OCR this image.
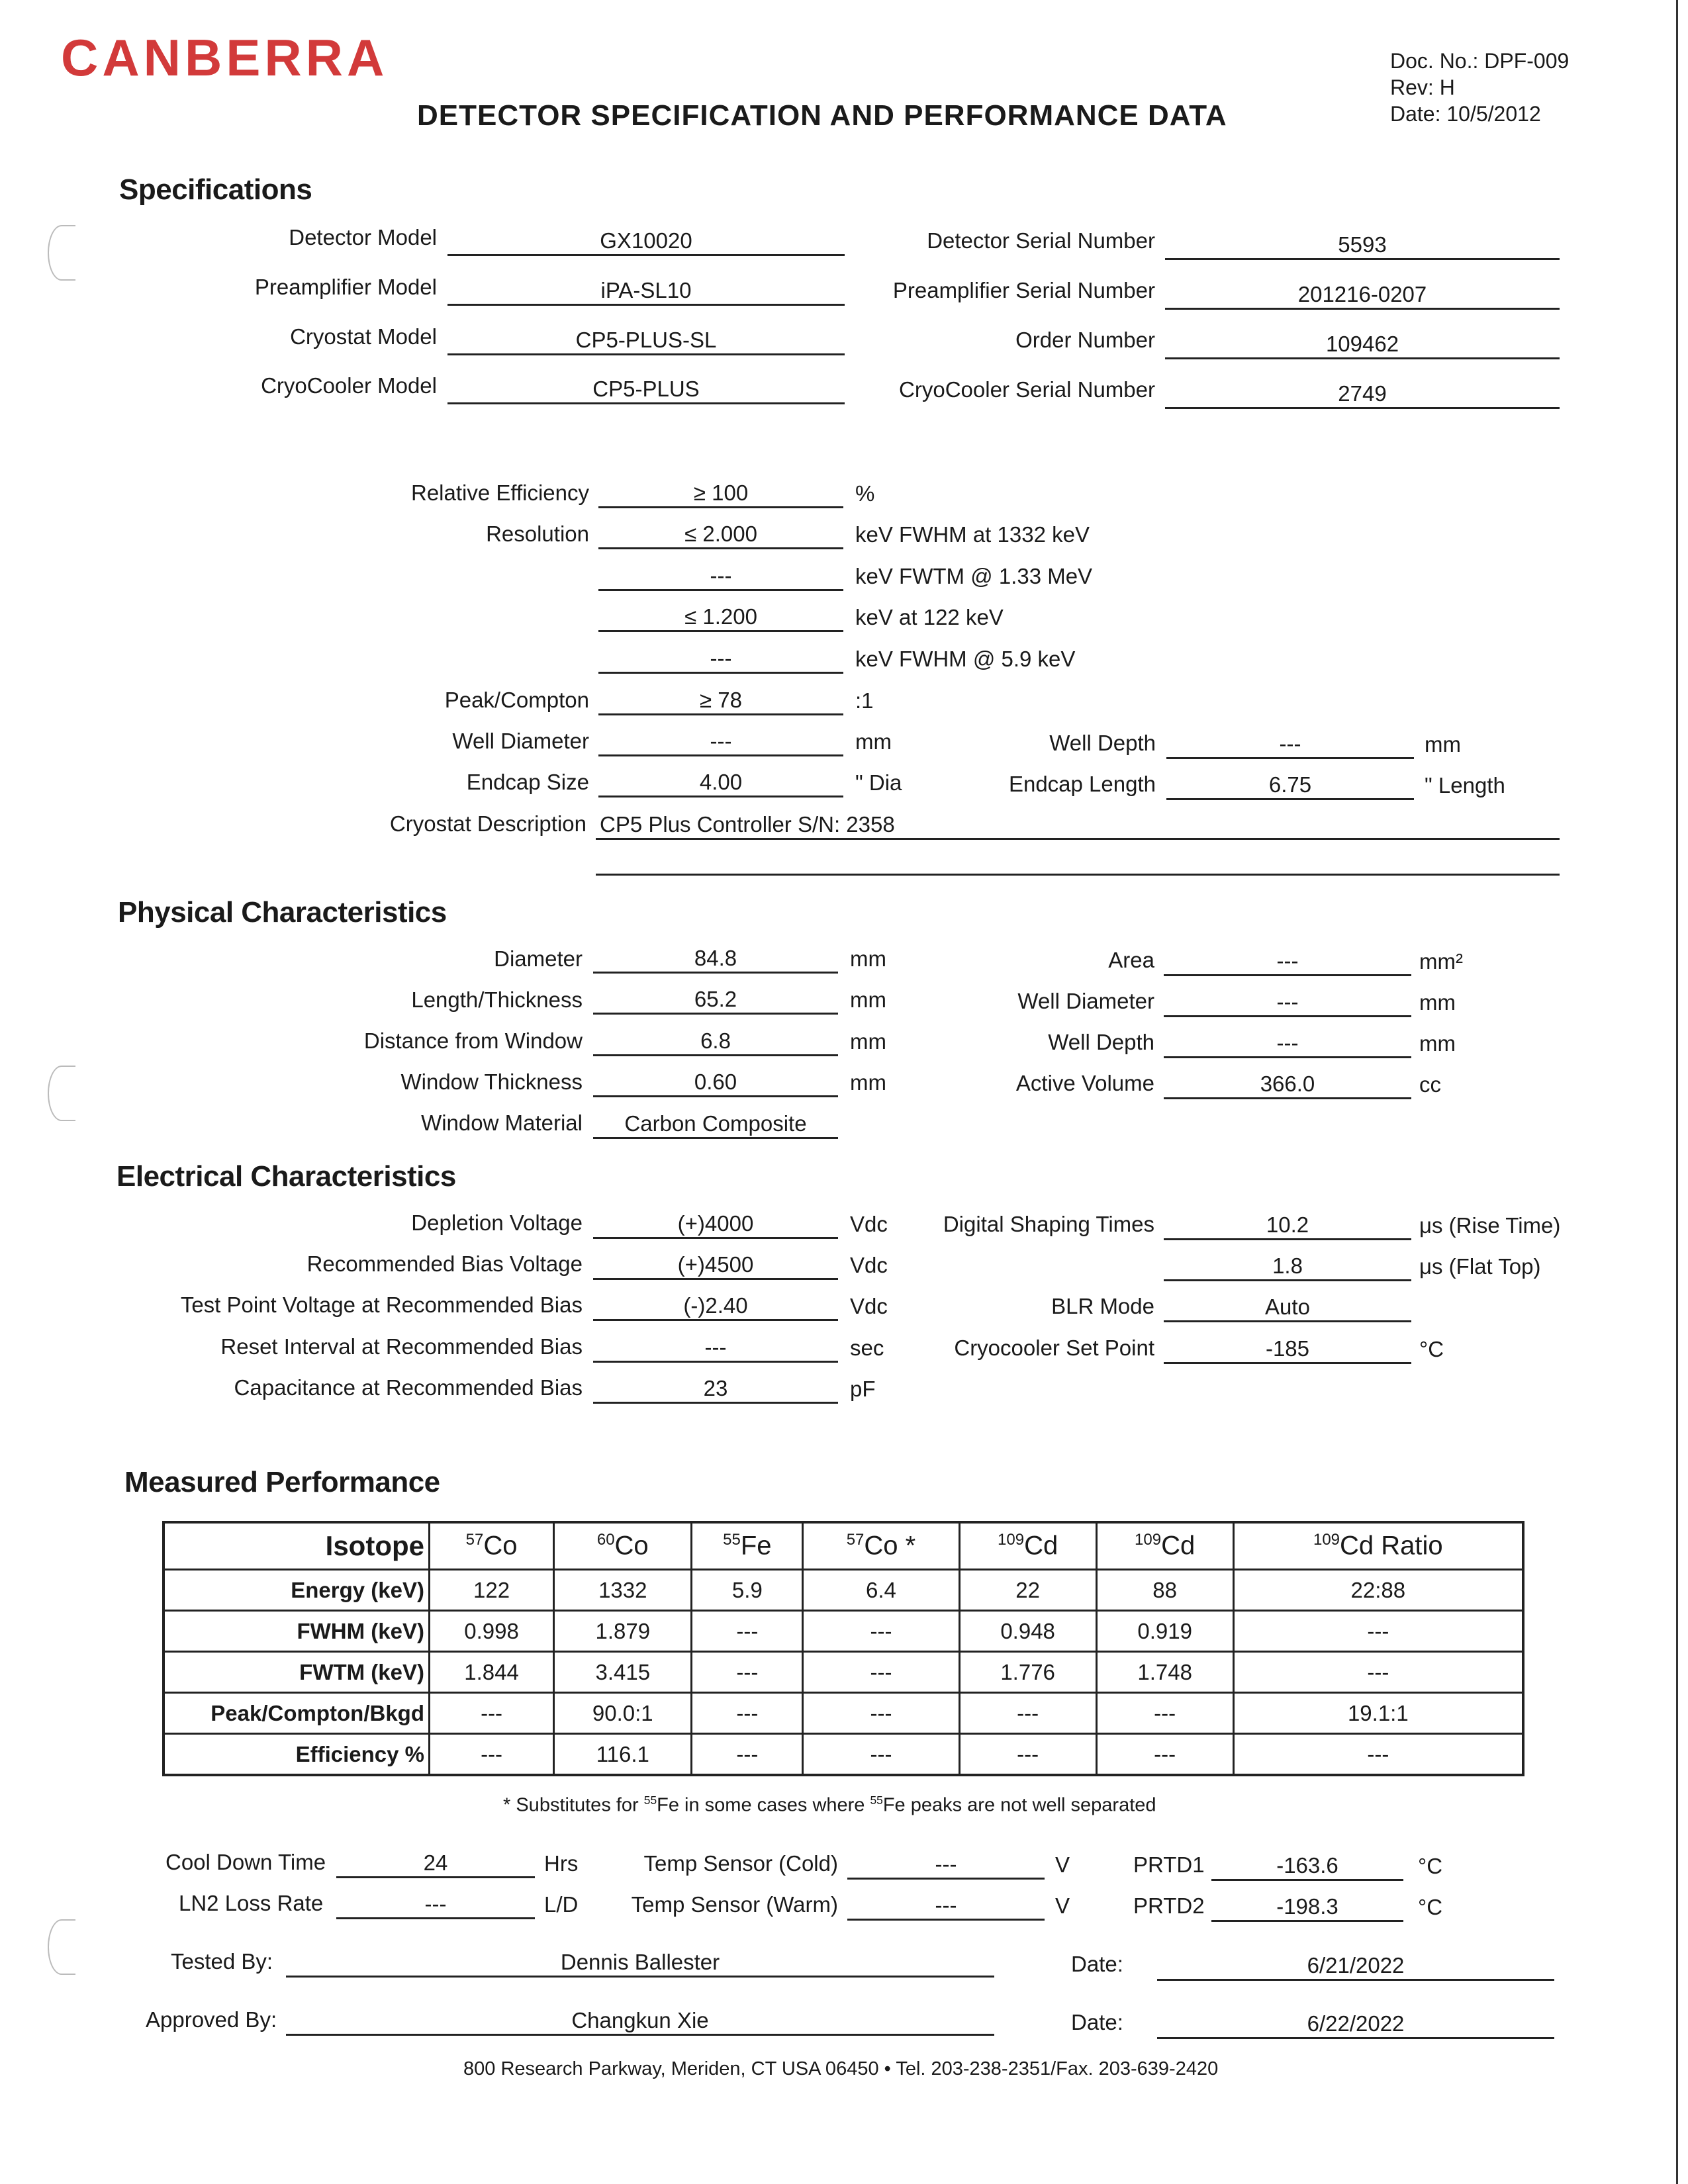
CANBERRA	Doc. No.: DPF-009
Rev: H
Date: 10/5/2012
DETECTOR SPECIFICATION AND PERFORMANCE DATA
Specifications
Detector Model	GX10020
Preamplifier Model	iPA-SL10
Cryostat Model	CP5-PLUS-SL
CryoCooler Model	CP5-PLUS
Detector Serial Number	5593
Preamplifier Serial Number	201216-0207
Order Number	109462
CryoCooler Serial Number	2749
Relative Efficiency	≥ 100	%
Resolution	≤ 2.000	keV FWHM at 1332 keV
---	keV FWTM @ 1.33 MeV
≤ 1.200	keV at 122 keV
---	keV FWHM @ 5.9 keV
Peak/Compton	≥ 78	:1
Well Diameter	---	mm	Well Depth	---	mm
Endcap Size	4.00	" Dia	Endcap Length	6.75	" Length
Cryostat Description CP5 Plus Controller S/N: 2358
Physical Characteristics
Diameter	84.8	mm
Length/Thickness	65.2	mm
Distance from Window	6.8	mm
Window Thickness	0.60	mm
Window Material	Carbon Composite
Area	---	mm²
Well Diameter	---	mm
Well Depth	---	mm
Active Volume	366.0	cc
Electrical Characteristics
Depletion Voltage	(+)4000	Vdc
Recommended Bias Voltage	(+)4500	Vdc
Test Point Voltage at Recommended Bias	(-)2.40	Vdc
Reset Interval at Recommended Bias	---	sec
Capacitance at Recommended Bias	23	pF
Digital Shaping Times	10.2	μs (Rise Time)
1.8	μs (Flat Top)
BLR Mode	Auto
Cryocooler Set Point	-185	°C
Measured Performance
Isotope	$^{57}$Co	$^{60}$Co	$^{55}$Fe	$^{57}$Co *	$^{109}$Cd	$^{109}$Cd	$^{109}$Cd Ratio
Energy (keV)	122	1332	5.9	6.4	22	88	22:88
FWHM (keV)	0.998	1.879	---	---	0.948	0.919	---
FWTM (keV)	1.844	3.415	---	---	1.776	1.748	---
Peak/Compton/Bkgd	---	90.0:1	---	---	---	---	19.1:1
Efficiency %	---	116.1	---	---	---	---	---
* Substitutes for $^{55}$Fe in some cases where $^{55}$Fe peaks are not well separated
Cool Down Time	24	Hrs
LN2 Loss Rate	---	L/D
Temp Sensor (Cold)	---	V
Temp Sensor (Warm)	---	V
PRTD1	-163.6	°C
PRTD2	-198.3	°C
Tested By:	Dennis Ballester	Date:	6/21/2022
Approved By:	Changkun Xie	Date:	6/22/2022
800 Research Parkway, Meriden, CT USA 06450 • Tel. 203-238-2351/Fax. 203-639-2420
